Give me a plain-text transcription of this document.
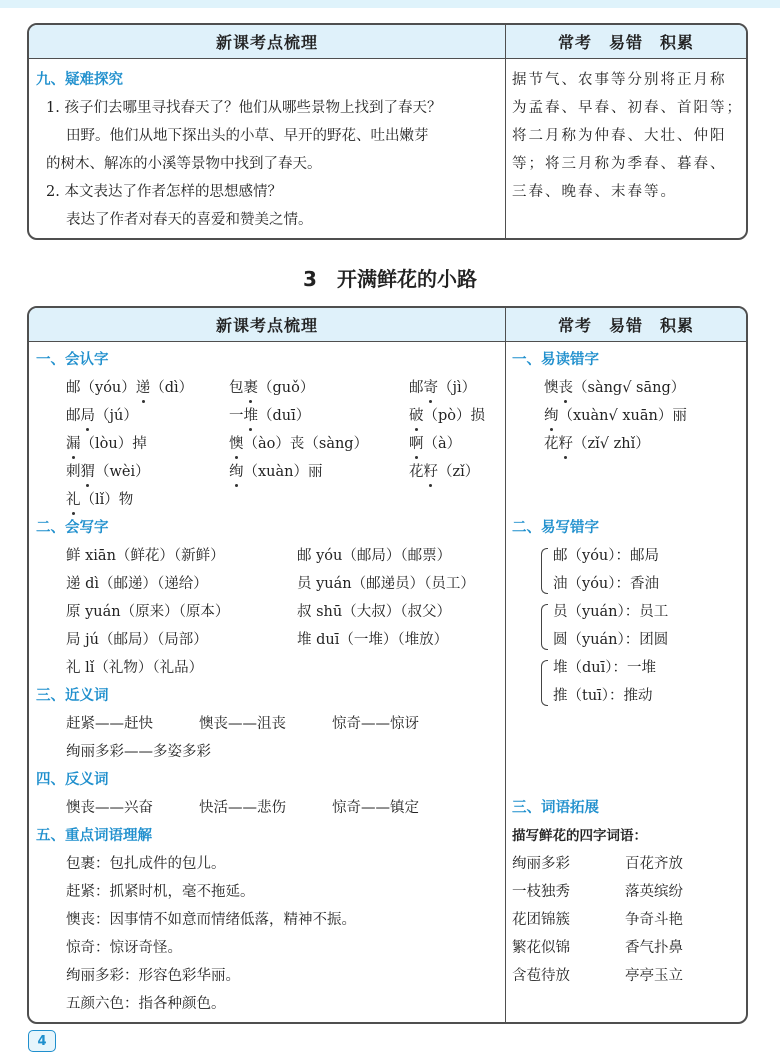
新课考点梳理	常考　易错　积累
九、疑难探究
1. 孩子们去哪里寻找春天了？他们从哪些景物上找到了春天？
田野。他们从地下探出头的小草、早开的野花、吐出嫩芽
的树木、解冻的小溪等景物中找到了春天。
2. 本文表达了作者怎样的思想感情？
表达了作者对春天的喜爱和赞美之情。
据节气、农事等分别将正月称
为孟春、早春、初春、首阳等；
将二月称为仲春、大壮、仲阳
等；将三月称为季春、暮春、
三春、晚春、末春等。
3　开满鲜花的小路
新课考点梳理	常考　易错　积累
一、会认字
邮（yóu）递（dì） 包裹（guǒ）	邮寄（jì）
邮局（jú）	一堆（duī）	破（pò）损
漏（lòu）掉	懊（ào）丧（sàng）	啊（à）
刺猬（wèi）	绚（xuàn）丽	花籽（zǐ）
礼（lǐ）物
二、会写字
鲜 xiān（鲜花）（新鲜）	邮 yóu（邮局）（邮票）
递 dì（邮递）（递给）	员 yuán（邮递员）（员工）
原 yuán（原来）（原本）	叔 shū（大叔）（叔父）
局 jú（邮局）（局部）	堆 duī（一堆）（堆放）
礼 lǐ（礼物）（礼品）
三、近义词
赶紧——赶快	懊丧——沮丧	惊奇——惊讶
绚丽多彩——多姿多彩
四、反义词
懊丧——兴奋	快活——悲伤	惊奇——镇定
五、重点词语理解
包裹：包扎成件的包儿。
赶紧：抓紧时机，毫不拖延。
懊丧：因事情不如意而情绪低落，精神不振。
惊奇：惊讶奇怪。
绚丽多彩：形容色彩华丽。
五颜六色：指各种颜色。
一、易读错字
懊丧（sàng√ sāng）
绚（xuàn√ xuān）丽
花籽（zǐ√ zhǐ）
二、易写错字
邮（yóu）：邮局
油（yóu）：香油
员（yuán）：员工
圆（yuán）：团圆
堆（duī）：一堆
推（tuī）：推动
三、词语拓展
描写鲜花的四字词语：
绚丽多彩	百花齐放
一枝独秀	落英缤纷
花团锦簇	争奇斗艳
繁花似锦	香气扑鼻
含苞待放	亭亭玉立
4
